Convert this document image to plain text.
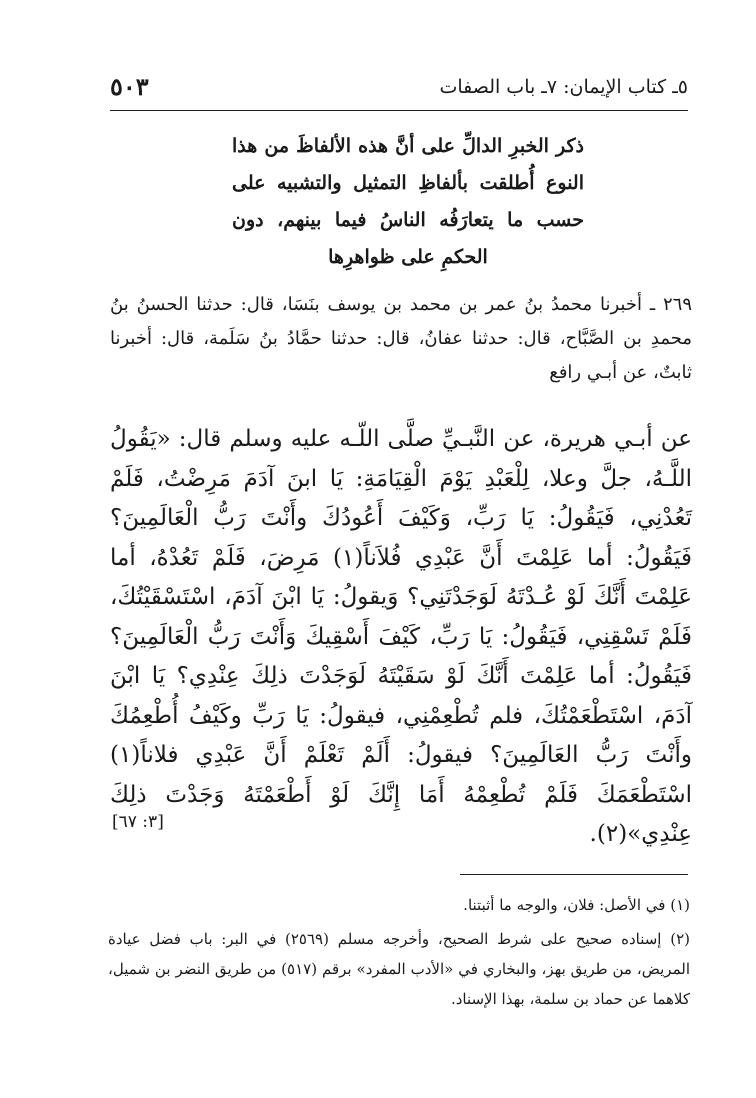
٥ـ كتاب الإيمان: ٧ـ باب الصفات
٥٠٣
ذكر الخبرِ الدالِّ على أنَّ هذه الألفاظَ من هذا النوع أُطلقت بألفاظِ التمثيل والتشبيه على حسب ما يتعارَفُه الناسُ فيما بينهم، دون الحكمِ على ظواهرِها
٢٦٩ ـ أخبرنا محمدُ بنُ عمر بن محمد بن يوسف بنَسَا، قال: حدثنا الحسنُ بنُ محمدِ بن الصَّبَّاح، قال: حدثنا عفانُ، قال: حدثنا حمَّادُ بنُ سَلَمة، قال: أخبرنا ثابتٌ، عن أبـي رافع
عن أبـي هريرة، عن النَّبـيِّ صلَّى اللّـه عليه وسلم قال: «يَقُولُ اللَّـهُ، جلَّ وعلا، لِلْعَبْدِ يَوْمَ الْقِيَامَةِ: يَا ابنَ آدَمَ مَرِضْتُ، فَلَمْ تَعُدْنِي، فَيَقُولُ: يَا رَبِّ، وَكَيْفَ أَعُودُكَ وأَنْتَ رَبُّ الْعَالَمِينَ؟ فَيَقُولُ: أما عَلِمْتَ أَنَّ عَبْدِي فُلاَناً(١) مَرِضَ، فَلَمْ تَعُدْهُ، أما عَلِمْتَ أَنَّكَ لَوْ عُـدْتَهُ لَوَجَدْتَنِي؟ وَيقولُ: يَا ابْنَ آدَمَ، اسْتَسْقَيْتُكَ، فَلَمْ تَسْقِنِي، فَيَقُولُ: يَا رَبِّ، كَيْفَ أَسْقِيكَ وَأَنْتَ رَبُّ الْعَالَمِينَ؟ فَيَقُولُ: أما عَلِمْتَ أَنَّكَ لَوْ سَقَيْتَهُ لَوَجَدْتَ ذلِكَ عِنْدِي؟ يَا ابْنَ آدَمَ، اسْتَطْعَمْتُكَ، فلم تُطْعِمْنِي، فيقولُ: يَا رَبِّ وكَيْفُ أُطْعِمُكَ وأَنْتَ رَبُّ العَالَمِينَ؟ فيقولُ: أَلَمْ تَعْلَمْ أَنَّ عَبْدِي فلاناً(١) اسْتَطْعَمَكَ فَلَمْ تُطْعِمْهُ أَمَا إِنَّكَ لَوْ أَطْعَمْتَهُ وَجَدْتَ ذلِكَ عِنْدِي»(٢).
[٣: ٦٧]

(١) في الأصل: فلان، والوجه ما أثبتنا.

(٢) إسناده صحيح على شرط الصحيح، وأخرجه مسلم (٢٥٦٩) في البر: باب فضل عيادة المريض، من طريق بهز، والبخاري في «الأدب المفرد» برقم (٥١٧) من طريق النضر بن شميل، كلاهما عن حماد بن سلمة، بهذا الإسناد.
